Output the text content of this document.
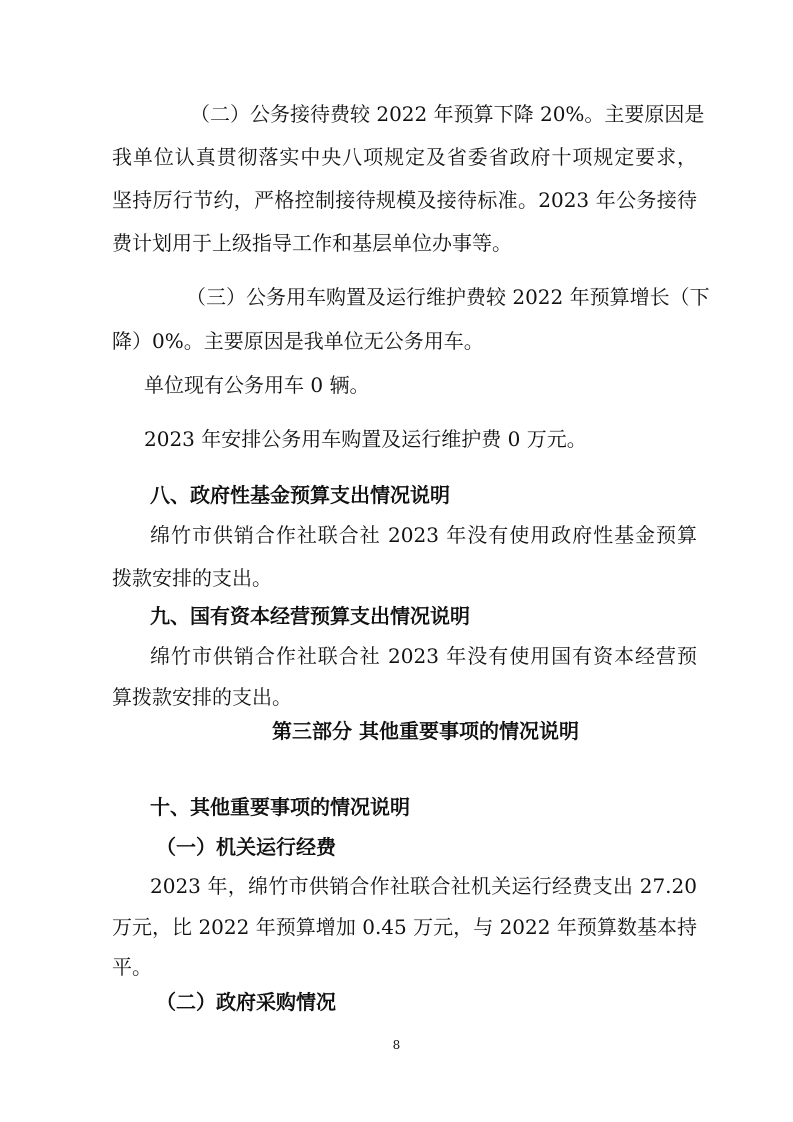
（二）公务接待费较 2022 年预算下降 20%。主要原因是
我单位认真贯彻落实中央八项规定及省委省政府十项规定要求，
坚持厉行节约，严格控制接待规模及接待标准。2023 年公务接待
费计划用于上级指导工作和基层单位办事等。
（三）公务用车购置及运行维护费较 2022 年预算增长（下
降）0%。主要原因是我单位无公务用车。
单位现有公务用车 0 辆。
2023 年安排公务用车购置及运行维护费 0 万元。
八、政府性基金预算支出情况说明
绵竹市供销合作社联合社 2023 年没有使用政府性基金预算
拨款安排的支出。
九、国有资本经营预算支出情况说明
绵竹市供销合作社联合社 2023 年没有使用国有资本经营预
算拨款安排的支出。
第三部分 其他重要事项的情况说明
十、其他重要事项的情况说明
（一）机关运行经费
2023 年，绵竹市供销合作社联合社机关运行经费支出 27.20
万元，比 2022 年预算增加 0.45 万元，与 2022 年预算数基本持
平。
（二）政府采购情况
8
